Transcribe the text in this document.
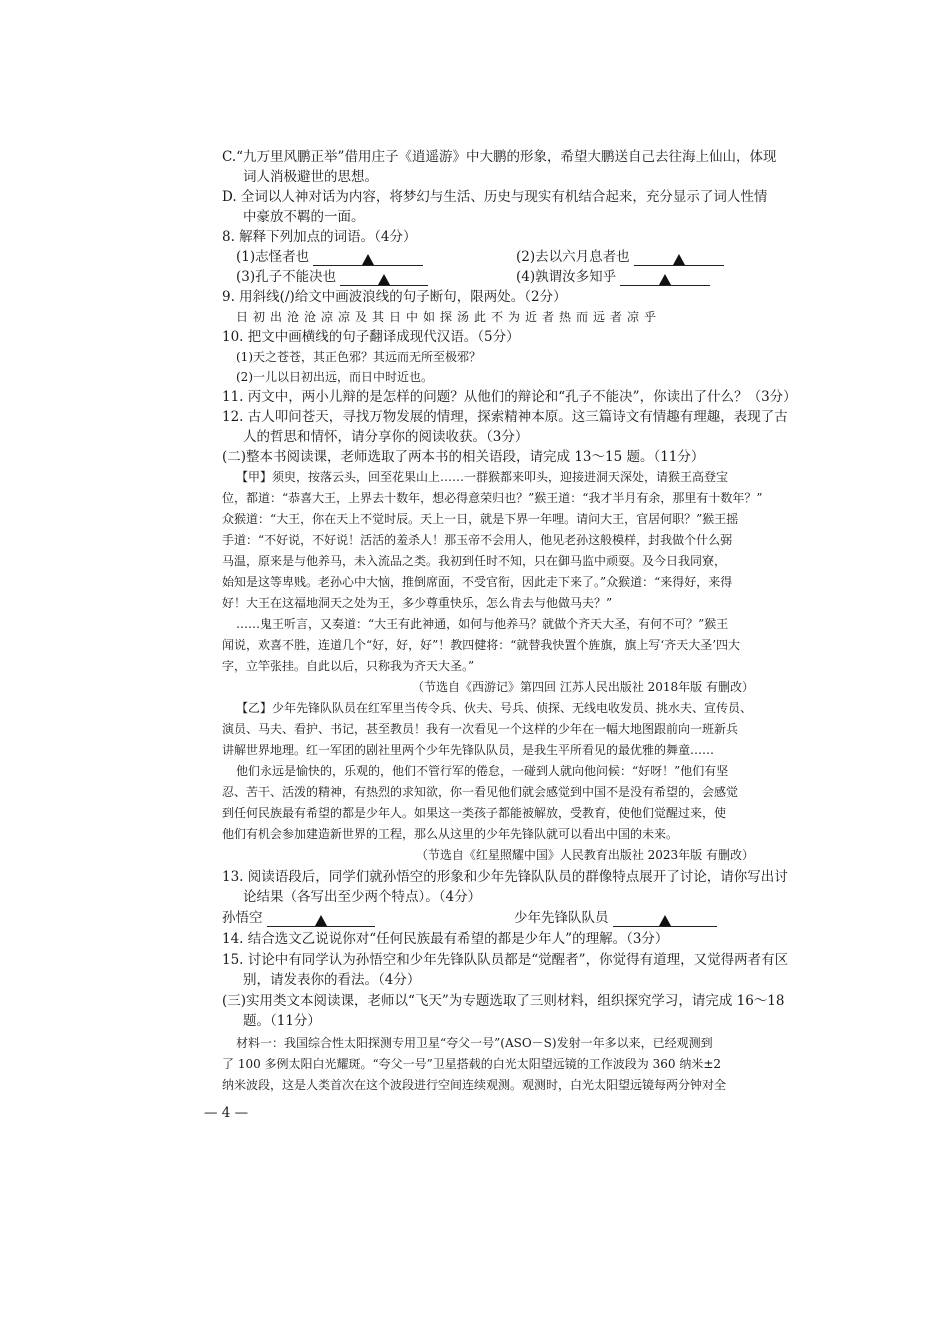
C.“九万里风鹏正举”借用庄子《逍遥游》中大鹏的形象，希望大鹏送自己去往海上仙山，体现
词人消极避世的思想。
D. 全词以人神对话为内容，将梦幻与生活、历史与现实有机结合起来，充分显示了词人性情
中豪放不羁的一面。
8. 解释下列加点的词语。（4分）
(1)志怪者也	(2)去以六月息者也
(3)孔子不能决也	(4)孰谓汝多知乎
9. 用斜线(/)给文中画波浪线的句子断句，限两处。（2分）
日初出沧沧凉凉及其日中如探汤此不为近者热而远者凉乎
10. 把文中画横线的句子翻译成现代汉语。（5分）
(1)天之苍苍，其正色邪？其远而无所至极邪？
(2)一儿以日初出远，而日中时近也。
11. 丙文中，两小儿辩的是怎样的问题？从他们的辩论和“孔子不能决”，你读出了什么？（3分）
12. 古人叩问苍天，寻找万物发展的情理，探索精神本原。这三篇诗文有情趣有理趣，表现了古
人的哲思和情怀，请分享你的阅读收获。（3分）
(二)整本书阅读课，老师选取了两本书的相关语段，请完成 13～15 题。（11分）
【甲】须臾，按落云头，回至花果山上……一群猴都来叩头，迎接进洞天深处，请猴王高登宝
位，都道：“恭喜大王，上界去十数年，想必得意荣归也？”猴王道：“我才半月有余，那里有十数年？”
众猴道：“大王，你在天上不觉时辰。天上一日，就是下界一年哩。请问大王，官居何职？”猴王摇
手道：“不好说，不好说！活活的羞杀人！那玉帝不会用人，他见老孙这般模样，封我做个什么弼
马温，原来是与他养马，未入流品之类。我初到任时不知，只在御马监中顽耍。及今日我同寮，
始知是这等卑贱。老孙心中大恼，推倒席面，不受官衔，因此走下来了。”众猴道：“来得好，来得
好！大王在这福地洞天之处为王，多少尊重快乐，怎么肯去与他做马夫？”
……鬼王听言，又奏道：“大王有此神通，如何与他养马？就做个齐天大圣，有何不可？”猴王
闻说，欢喜不胜，连道几个“好，好，好”！教四健将：“就替我快置个旌旗，旗上写‘齐天大圣’四大
字，立竿张挂。自此以后，只称我为齐天大圣。”
（节选自《西游记》第四回 江苏人民出版社 2018年版 有删改）
【乙】少年先锋队队员在红军里当传令兵、伙夫、号兵、侦探、无线电收发员、挑水夫、宣传员、
演员、马夫、看护、书记，甚至教员！我有一次看见一个这样的少年在一幅大地图跟前向一班新兵
讲解世界地理。红一军团的剧社里两个少年先锋队队员，是我生平所看见的最优雅的舞童……
他们永远是愉快的，乐观的，他们不管行军的倦怠，一碰到人就向他问候：“好呀！”他们有坚
忍、苦干、活泼的精神，有热烈的求知欲，你一看见他们就会感觉到中国不是没有希望的，会感觉
到任何民族最有希望的都是少年人。如果这一类孩子都能被解放，受教育，使他们觉醒过来，使
他们有机会参加建造新世界的工程，那么从这里的少年先锋队就可以看出中国的未来。
（节选自《红星照耀中国》人民教育出版社 2023年版 有删改）
13. 阅读语段后，同学们就孙悟空的形象和少年先锋队队员的群像特点展开了讨论，请你写出讨
论结果（各写出至少两个特点）。（4分）
孙悟空	少年先锋队队员
14. 结合选文乙说说你对“任何民族最有希望的都是少年人”的理解。（3分）
15. 讨论中有同学认为孙悟空和少年先锋队队员都是“觉醒者”，你觉得有道理，又觉得两者有区
别，请发表你的看法。（4分）
(三)实用类文本阅读课，老师以“飞天”为专题选取了三则材料，组织探究学习，请完成 16～18
题。（11分）
材料一：我国综合性太阳探测专用卫星“夸父一号”(ASO－S)发射一年多以来，已经观测到
了 100 多例太阳白光耀斑。“夸父一号”卫星搭载的白光太阳望远镜的工作波段为 360 纳米±2
纳米波段，这是人类首次在这个波段进行空间连续观测。观测时，白光太阳望远镜每两分钟对全
— 4 —
